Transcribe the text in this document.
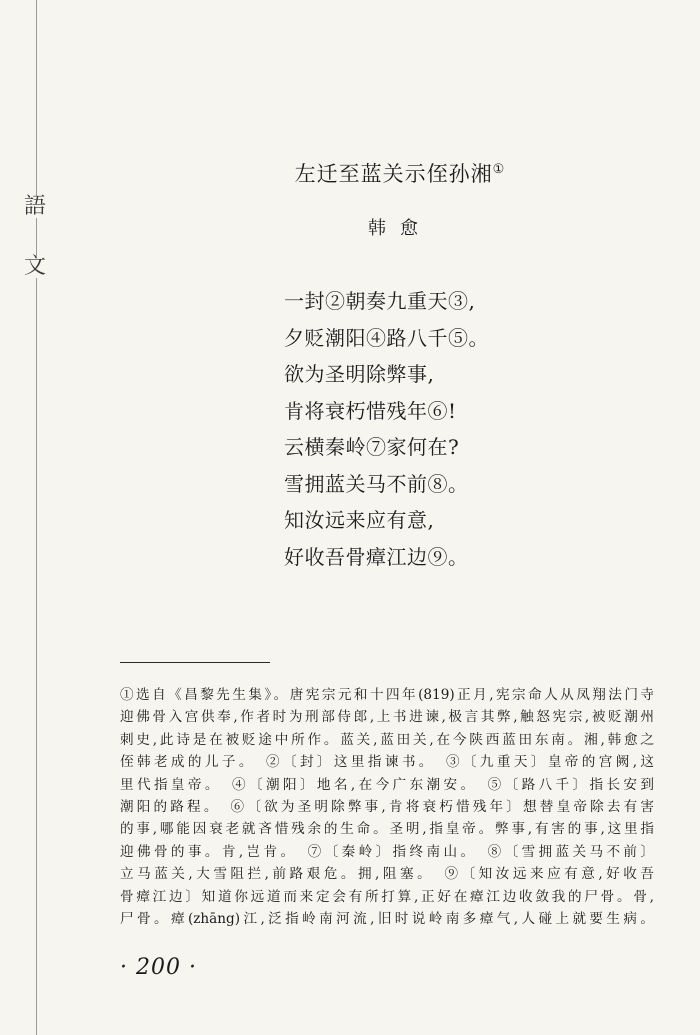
語
文
左迁至蓝关示侄孙湘①
韩愈
一封②朝奏九重天③,
夕贬潮阳④路八千⑤。
欲为圣明除弊事,
肯将衰朽惜残年⑥!
云横秦岭⑦家何在?
雪拥蓝关马不前⑧。
知汝远来应有意,
好收吾骨瘴江边⑨。
①选自《昌黎先生集》。唐宪宗元和十四年(819)正月,宪宗命人从凤翔法门寺
迎佛骨入宫供奉,作者时为刑部侍郎,上书进谏,极言其弊,触怒宪宗,被贬潮州
刺史,此诗是在被贬途中所作。蓝关,蓝田关,在今陕西蓝田东南。湘,韩愈之
侄韩老成的儿子。　②〔封〕这里指谏书。　③〔九重天〕皇帝的宫阙,这
里代指皇帝。　④〔潮阳〕地名,在今广东潮安。　⑤〔路八千〕指长安到
潮阳的路程。　⑥〔欲为圣明除弊事,肯将衰朽惜残年〕想替皇帝除去有害
的事,哪能因衰老就吝惜残余的生命。圣明,指皇帝。弊事,有害的事,这里指
迎佛骨的事。肯,岂肯。　⑦〔秦岭〕指终南山。　⑧〔雪拥蓝关马不前〕
立马蓝关,大雪阻拦,前路艰危。拥,阻塞。　⑨〔知汝远来应有意,好收吾
骨瘴江边〕知道你远道而来定会有所打算,正好在瘴江边收敛我的尸骨。骨,
尸骨。瘴(zhāng)江,泛指岭南河流,旧时说岭南多瘴气,人碰上就要生病。
· 200 ·
